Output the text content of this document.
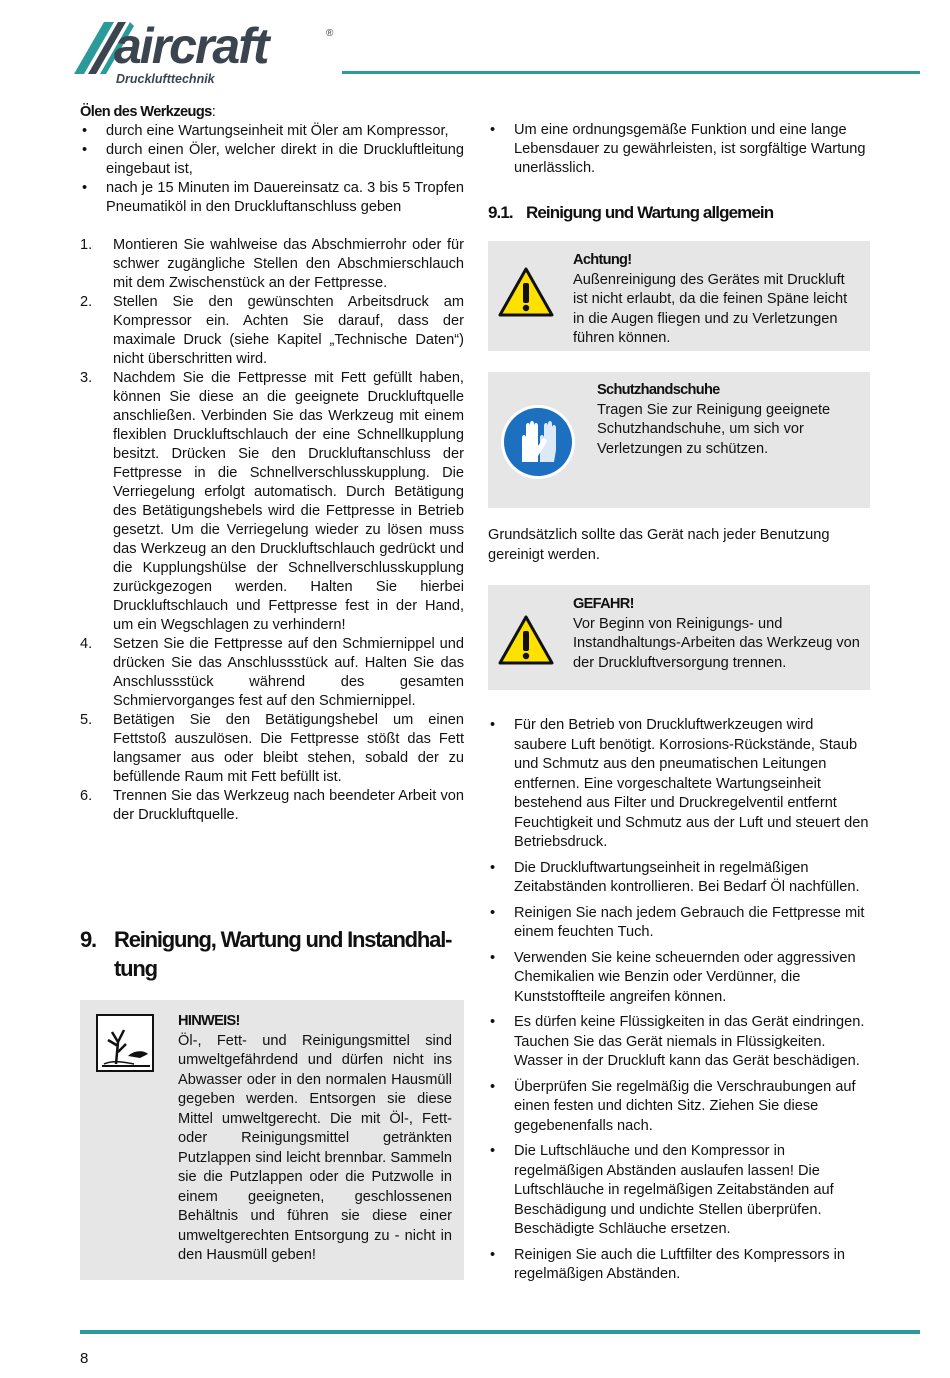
aircraft	®
Drucklufttechnik
Ölen des Werkzeugs:
• durch eine Wartungseinheit mit Öler am Kompressor,
• durch einen Öler, welcher direkt in die Druckluftleitung eingebaut ist,
• nach je 15 Minuten im Dauereinsatz ca. 3 bis 5 Tropfen Pneumatiköl in den Druckluftanschluss geben
1. Montieren Sie wahlweise das Abschmierrohr oder für schwer zugängliche Stellen den Abschmierschlauch mit dem Zwischenstück an der Fettpresse.
2. Stellen Sie den gewünschten Arbeitsdruck am Kompressor ein. Achten Sie darauf, dass der maximale Druck (siehe Kapitel „Technische Daten“) nicht überschritten wird.
3. Nachdem Sie die Fettpresse mit Fett gefüllt haben, können Sie diese an die geeignete Druckluftquelle anschließen. Verbinden Sie das Werkzeug mit einem flexiblen Druckluftschlauch der eine Schnellkupplung besitzt. Drücken Sie den Druckluftanschluss der Fettpresse in die Schnellverschlusskupplung. Die Verriegelung erfolgt automatisch. Durch Betätigung des Betätigungshebels wird die Fettpresse in Betrieb gesetzt. Um die Verriegelung wieder zu lösen muss das Werkzeug an den Druckluftschlauch gedrückt und die Kupplungshülse der Schnellverschlusskupplung zurückgezogen werden. Halten Sie hierbei Druckluftschlauch und Fettpresse fest in der Hand, um ein Wegschlagen zu verhindern!
4. Setzen Sie die Fettpresse auf den Schmiernippel und drücken Sie das Anschlussstück auf. Halten Sie das Anschlussstück während des gesamten Schmiervorganges fest auf den Schmiernippel.
5. Betätigen Sie den Betätigungshebel um einen Fettstoß auszulösen. Die Fettpresse stößt das Fett langsamer aus oder bleibt stehen, sobald der zu befüllende Raum mit Fett befüllt ist.
6. Trennen Sie das Werkzeug nach beendeter Arbeit von der Druckluftquelle.
9. Reinigung, Wartung und Instandhal-
tung
HINWEIS!
Öl-, Fett- und Reinigungsmittel sind umweltgefährdend und dürfen nicht ins Abwasser oder in den normalen Hausmüll gegeben werden. Entsorgen sie diese Mittel umweltgerecht. Die mit Öl-, Fett- oder Reinigungsmittel getränkten Putzlappen sind leicht brennbar. Sammeln sie die Putzlappen oder die Putzwolle in einem geeigneten, geschlossenen Behältnis und führen sie diese einer umweltgerechten Entsorgung zu - nicht in den Hausmüll geben!
• Um eine ordnungsgemäße Funktion und eine lange Lebensdauer zu gewährleisten, ist sorgfältige Wartung unerlässlich.
9.1. Reinigung und Wartung allgemein
Achtung!
Außenreinigung des Gerätes mit Druckluft ist nicht erlaubt, da die feinen Späne leicht in die Augen fliegen und zu Verletzungen führen können.
Schutzhandschuhe
Tragen Sie zur Reinigung geeignete Schutzhandschuhe, um sich vor Verletzungen zu schützen.
Grundsätzlich sollte das Gerät nach jeder Benutzung gereinigt werden.
GEFAHR!
Vor Beginn von Reinigungs- und Instandhaltungs-Arbeiten das Werkzeug von der Druckluftversorgung trennen.
• Für den Betrieb von Druckluftwerkzeugen wird saubere Luft benötigt. Korrosions-Rückstände, Staub und Schmutz aus den pneumatischen Leitungen entfernen. Eine vorgeschaltete Wartungseinheit bestehend aus Filter und Druckregelventil entfernt Feuchtigkeit und Schmutz aus der Luft und steuert den Betriebsdruck.
• Die Druckluftwartungseinheit in regelmäßigen Zeitabständen kontrollieren. Bei Bedarf Öl nachfüllen.
• Reinigen Sie nach jedem Gebrauch die Fettpresse mit einem feuchten Tuch.
• Verwenden Sie keine scheuernden oder aggressiven Chemikalien wie Benzin oder Verdünner, die Kunststoffteile angreifen können.
• Es dürfen keine Flüssigkeiten in das Gerät eindringen. Tauchen Sie das Gerät niemals in Flüssigkeiten. Wasser in der Druckluft kann das Gerät beschädigen.
• Überprüfen Sie regelmäßig die Verschraubungen auf einen festen und dichten Sitz. Ziehen Sie diese gegebenenfalls nach.
• Die Luftschläuche und den Kompressor in regelmäßigen Abständen auslaufen lassen! Die Luftschläuche in regelmäßigen Zeitabständen auf Beschädigung und undichte Stellen überprüfen. Beschädigte Schläuche ersetzen.
• Reinigen Sie auch die Luftfilter des Kompressors in regelmäßigen Abständen.
8
